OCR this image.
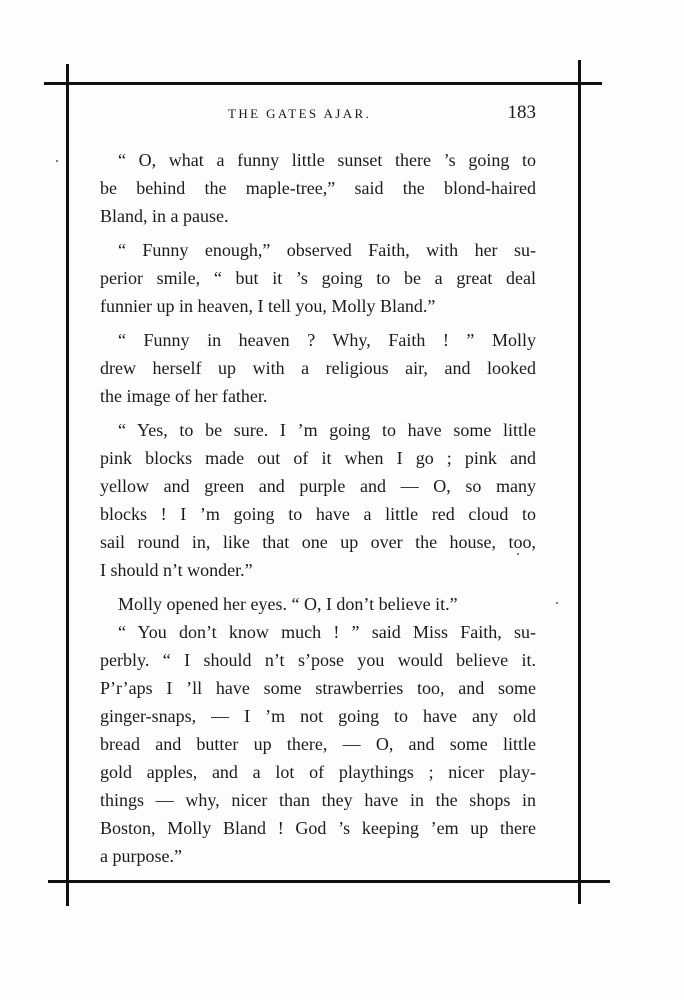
THE GATES AJAR.	183

“ O, what a funny little sunset there ’s going to
be behind the maple-tree,” said the blond-haired
Bland, in a pause.

“ Funny enough,” observed Faith, with her su-
perior smile, “ but it ’s going to be a great deal
funnier up in heaven, I tell you, Molly Bland.”

“ Funny in heaven ? Why, Faith ! ” Molly
drew herself up with a religious air, and looked
the image of her father.

“ Yes, to be sure. I ’m going to have some little
pink blocks made out of it when I go ; pink and
yellow and green and purple and — O, so many
blocks ! I ’m going to have a little red cloud to
sail round in, like that one up over the house, too,
I should n’t wonder.”

Molly opened her eyes. “ O, I don’t believe it.”

“ You don’t know much ! ” said Miss Faith, su-
perbly. “ I should n’t s’pose you would believe it.
P’r’aps I ’ll have some strawberries too, and some
ginger-snaps, — I ’m not going to have any old
bread and butter up there, — O, and some little
gold apples, and a lot of playthings ; nicer play-
things — why, nicer than they have in the shops in
Boston, Molly Bland ! God ’s keeping ’em up there
a purpose.”
